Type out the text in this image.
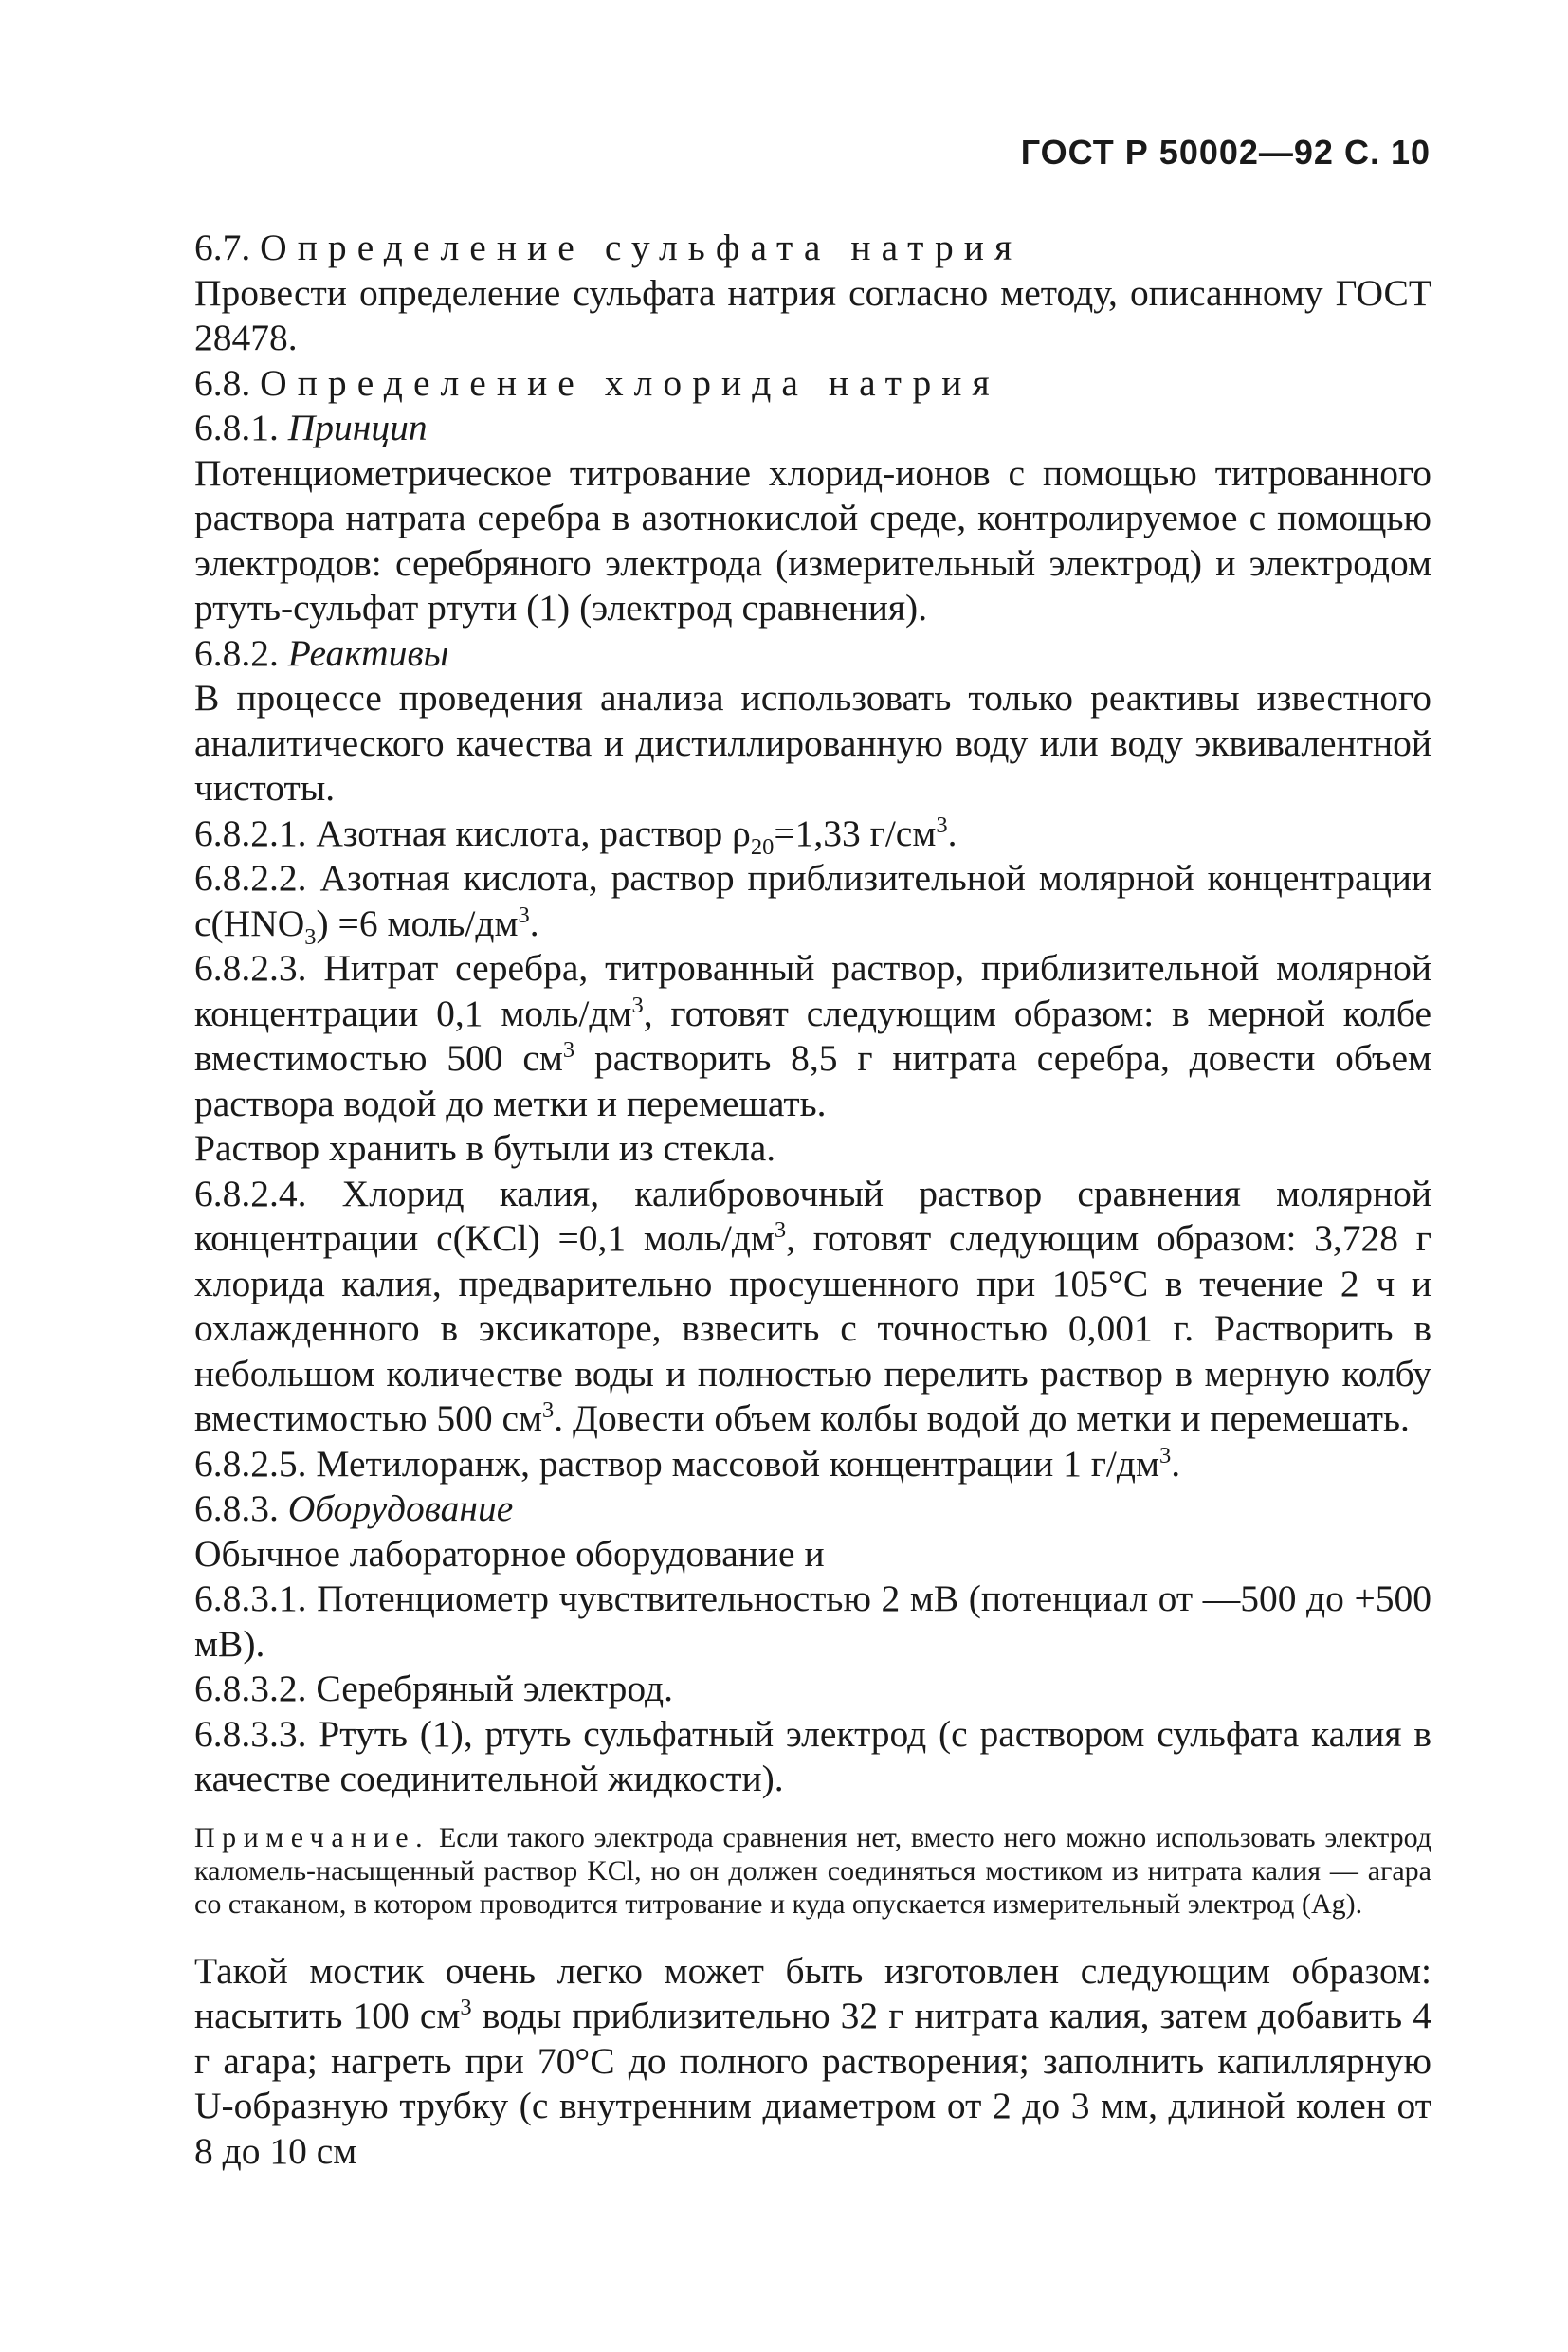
ГОСТ Р 50002—92 С. 10

6.7. Определение сульфата натрия

Провести определение сульфата натрия согласно методу, описанному ГОСТ 28478.

6.8. Определение хлорида натрия

6.8.1. Принцип

Потенциометрическое титрование хлорид-ионов с помощью титрованного раствора натрата серебра в азотнокислой среде, контролируемое с помощью электродов: серебряного электрода (измерительный электрод) и электродом ртуть-сульфат ртути (1) (электрод сравнения).

6.8.2. Реактивы

В процессе проведения анализа использовать только реактивы известного аналитического качества и дистиллированную воду или воду эквивалентной чистоты.

6.8.2.1. Азотная кислота, раствор $\rho_{20}=1,33$ $г/см^3$.

6.8.2.2. Азотная кислота, раствор приблизительной молярной концентрации $c(HNO_3) =6$ моль/$дм^3$.

6.8.2.3. Нитрат серебра, титрованный раствор, приблизительной молярной концентрации 0,1 моль/$дм^3$, готовят следующим образом: в мерной колбе вместимостью 500 $см^3$ растворить 8,5 г нитрата серебра, довести объем раствора водой до метки и перемешать.

Раствор хранить в бутыли из стекла.

6.8.2.4. Хлорид калия, калибровочный раствор сравнения молярной концентрации c(KCl) =0,1 моль/$дм^3$, готовят следующим образом: 3,728 г хлорида калия, предварительно просушенного при 105°С в течение 2 ч и охлажденного в эксикаторе, взвесить с точностью 0,001 г. Растворить в небольшом количестве воды и полностью перелить раствор в мерную колбу вместимостью 500 $см^3$. Довести объем колбы водой до метки и перемешать.

6.8.2.5. Метилоранж, раствор массовой концентрации 1 $г/дм^3$.

6.8.3. Оборудование

Обычное лабораторное оборудование и

6.8.3.1. Потенциометр чувствительностью 2 мВ (потенциал от —500 до +500 мВ).

6.8.3.2. Серебряный электрод.

6.8.3.3. Ртуть (1), ртуть сульфатный электрод (с раствором сульфата калия в качестве соединительной жидкости).

Примечание. Если такого электрода сравнения нет, вместо него можно использовать электрод каломель-насыщенный раствор KCl, но он должен соединяться мостиком из нитрата калия — агара со стаканом, в котором проводится титрование и куда опускается измерительный электрод (Ag).

Такой мостик очень легко может быть изготовлен следующим образом: насытить 100 $см^3$ воды приблизительно 32 г нитрата калия, затем добавить 4 г агара; нагреть при 70°С до полного растворения; заполнить капиллярную U-образную трубку (с внутренним диаметром от 2 до 3 мм, длиной колен от 8 до 10 см
